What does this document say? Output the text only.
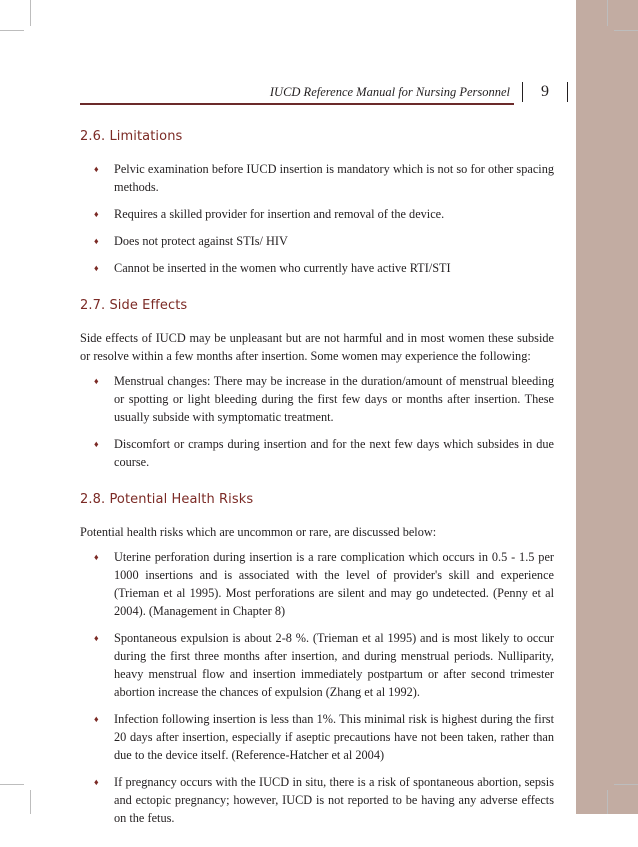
IUCD Reference Manual for Nursing Personnel	9
2.6. Limitations
♦ Pelvic examination before IUCD insertion is mandatory which is not so for other spacing methods.
♦ Requires a skilled provider for insertion and removal of the device.
♦ Does not protect against STIs/ HIV
♦ Cannot be inserted in the women who currently have active RTI/STI
2.7. Side Effects

Side effects of IUCD may be unpleasant but are not harmful and in most women these subside or resolve within a few months after insertion. Some women may experience the following:

♦ Menstrual changes: There may be increase in the duration/amount of menstrual bleeding or spotting or light bleeding during the first few days or months after insertion. These usually subside with symptomatic treatment.
♦ Discomfort or cramps during insertion and for the next few days which subsides in due course.
2.8. Potential Health Risks

Potential health risks which are uncommon or rare, are discussed below:

♦ Uterine perforation during insertion is a rare complication which occurs in 0.5 - 1.5 per 1000 insertions and is associated with the level of provider's skill and experience (Trieman et al 1995). Most perforations are silent and may go undetected. (Penny et al 2004). (Management in Chapter 8)
♦ Spontaneous expulsion is about 2-8 %. (Trieman et al 1995) and is most likely to occur during the first three months after insertion, and during menstrual periods. Nulliparity, heavy menstrual flow and insertion immediately postpartum or after second trimester abortion increase the chances of expulsion (Zhang et al 1992).
♦ Infection following insertion is less than 1%. This minimal risk is highest during the first 20 days after insertion, especially if aseptic precautions have not been taken, rather than due to the device itself. (Reference-Hatcher et al 2004)
♦ If pregnancy occurs with the IUCD in situ, there is a risk of spontaneous abortion, sepsis and ectopic pregnancy; however, IUCD is not reported to be having any adverse effects on the fetus.
